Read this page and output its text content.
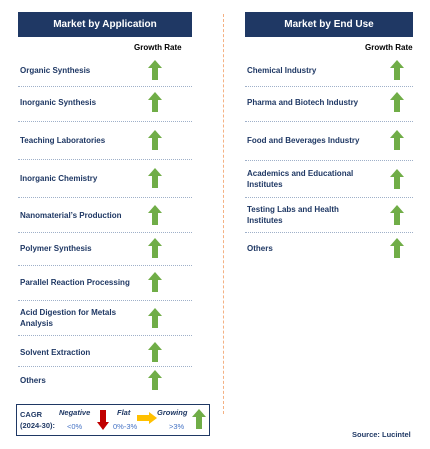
Market by Application	Market by End Use
Growth Rate	Growth Rate
Organic Synthesis
Inorganic Synthesis
Teaching Laboratories
Inorganic Chemistry
Nanomaterial’s Production
Polymer Synthesis
Parallel Reaction Processing
Acid Digestion for Metals Analysis
Solvent Extraction
Others
Chemical Industry
Pharma and Biotech Industry
Food and Beverages Industry
Academics and Educational Institutes
Testing Labs and Health Institutes
Others
CAGR (2024-30):
Negative
<0%
Flat
0%-3%
Growing
>3%
Source: Lucintel
